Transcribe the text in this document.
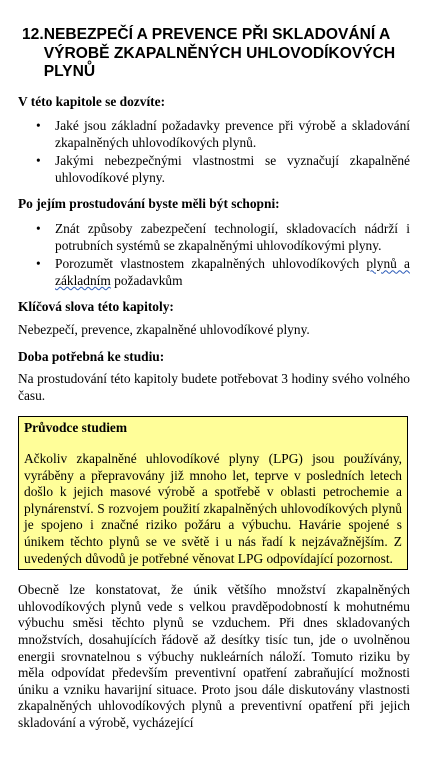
12. NEBEZPEČÍ A PREVENCE PŘI SKLADOVÁNÍ A VÝROBĚ ZKAPALNĚNÝCH UHLOVODÍKOVÝCH PLYNŮ
V této kapitole se dozvíte:
• Jaké jsou základní požadavky prevence při výrobě a skladování zkapalněných uhlovodíkových plynů.
• Jakými nebezpečnými vlastnostmi se vyznačují zkapalněné uhlovodíkové plyny.
Po jejím prostudování byste měli být schopni:
• Znát způsoby zabezpečení technologií, skladovacích nádrží i potrubních systémů se zkapalněnými uhlovodíkovými plyny.
• Porozumět vlastnostem zkapalněných uhlovodíkových plynů a základním požadavkům
Klíčová slova této kapitoly:

Nebezpečí, prevence, zkapalněné uhlovodíkové plyny.

Doba potřebná ke studiu:

Na prostudování této kapitoly budete potřebovat 3 hodiny svého volného času.

Průvodce studiem

Ačkoliv zkapalněné uhlovodíkové plyny (LPG) jsou používány, vyráběny a přepravovány již mnoho let, teprve v posledních letech došlo k jejich masové výrobě a spotřebě v oblasti petrochemie a plynárenství. S rozvojem použití zkapalněných uhlovodíkových plynů je spojeno i značné riziko požáru a výbuchu. Havárie spojené s únikem těchto plynů se ve světě i u nás řadí k nejzávažnějším. Z uvedených důvodů je potřebné věnovat LPG odpovídající pozornost.

Obecně lze konstatovat, že únik většího množství zkapalněných uhlovodíkových plynů vede s velkou pravděpodobností k mohutnému výbuchu směsi těchto plynů se vzduchem. Při dnes skladovaných množstvích, dosahujících řádově až desítky tisíc tun, jde o uvolněnou energii srovnatelnou s výbuchy nukleárních náloží. Tomuto riziku by měla odpovídat především preventivní opatření zabraňující možnosti úniku a vzniku havarijní situace. Proto jsou dále diskutovány vlastnosti zkapalněných uhlovodíkových plynů a preventivní opatření při jejich skladování a výrobě, vycházející
